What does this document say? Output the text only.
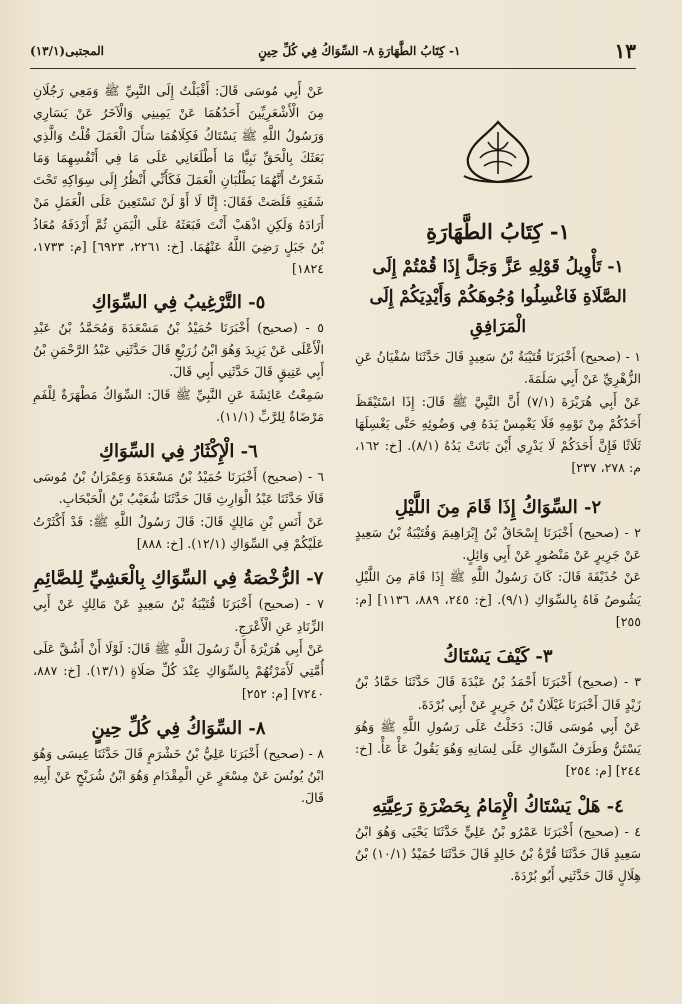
١٣
١- كِتَابُ الطَّهَارَةِ ٨- السِّوَاكُ فِي كُلِّ حِينٍ
المجتبى(١٣/١)

١- كِتَابُ الطَّهَارَةِ

١- تَأْوِيلُ قَوْلِهِ عَزَّ وَجَلَّ إِذَا قُمْتُمْ إِلَى الصَّلَاةِ فَاغْسِلُوا وُجُوهَكُمْ وَأَيْدِيَكُمْ إِلَى الْمَرَافِقِ

١ - (صحيح) أَخْبَرَنَا قُتَيْبَةُ بْنُ سَعِيدٍ قَالَ حَدَّثَنَا سُفْيَانُ عَنِ الزُّهْرِيِّ عَنْ أَبِي سَلَمَةَ.

عَنْ أَبِي هُرَيْرَةَ (٧/١) أَنَّ النَّبِيَّ ﷺ قَالَ: إِذَا اسْتَيْقَظَ أَحَدُكُمْ مِنْ نَوْمِهِ فَلَا يَغْمِسْ يَدَهُ فِي وَضُوئِهِ حَتَّى يَغْسِلَهَا ثَلَاثًا فَإِنَّ أَحَدَكُمْ لَا يَدْرِي أَيْنَ بَاتَتْ يَدُهُ (٨/١). [خ: ١٦٢، م: ٢٧٨، ٢٣٧]

٢- السِّوَاكُ إِذَا قَامَ مِنَ اللَّيْلِ

٢ - (صحيح) أَخْبَرَنَا إِسْحَاقُ بْنُ إِبْرَاهِيمَ وَقُتَيْبَةُ بْنُ سَعِيدٍ عَنْ جَرِيرٍ عَنْ مَنْصُورٍ عَنْ أَبِي وَائِلٍ.

عَنْ حُذَيْفَةَ قَالَ: كَانَ رَسُولُ اللَّهِ ﷺ إِذَا قَامَ مِنَ اللَّيْلِ يَشُوصُ فَاهُ بِالسِّوَاكِ (٩/١). [خ: ٢٤٥، ٨٨٩، ١١٣٦] [م: ٢٥٥]

٣- كَيْفَ يَسْتَاكُ

٣ - (صحيح) أَخْبَرَنَا أَحْمَدُ بْنُ عَبْدَةَ قَالَ حَدَّثَنَا حَمَّادُ بْنُ زَيْدٍ قَالَ أَخْبَرَنَا غَيْلَانُ بْنُ جَرِيرٍ عَنْ أَبِي بُرْدَةَ.

عَنْ أَبِي مُوسَى قَالَ: دَخَلْتُ عَلَى رَسُولِ اللَّهِ ﷺ وَهُوَ يَسْتَنُّ وَطَرَفُ السِّوَاكِ عَلَى لِسَانِهِ وَهُوَ يَقُولُ عَأْ عَأْ. [خ: ٢٤٤] [م: ٢٥٤]

٤- هَلْ يَسْتَاكُ الْإِمَامُ بِحَضْرَةِ رَعِيَّتِهِ

٤ - (صحيح) أَخْبَرَنَا عَمْرُو بْنُ عَلِيٍّ حَدَّثَنَا يَحْيَى وَهُوَ ابْنُ سَعِيدٍ قَالَ حَدَّثَنَا قُرَّةُ بْنُ خَالِدٍ قَالَ حَدَّثَنَا حُمَيْدُ (١٠/١) بْنُ هِلَالٍ قَالَ حَدَّثَنِي أَبُو بُرْدَةَ.

عَنْ أَبِي مُوسَى قَالَ: أَقْبَلْتُ إِلَى النَّبِيِّ ﷺ وَمَعِي رَجُلَانِ مِنَ الْأَشْعَرِيِّينَ أَحَدُهُمَا عَنْ يَمِينِي وَالْآخَرُ عَنْ يَسَارِي وَرَسُولُ اللَّهِ ﷺ يَسْتَاكُ فَكِلَاهُمَا سَأَلَ الْعَمَلَ قُلْتُ وَالَّذِي بَعَثَكَ بِالْحَقِّ نَبِيًّا مَا أَطْلَعَانِي عَلَى مَا فِي أَنْفُسِهِمَا وَمَا شَعَرْتُ أَنَّهُمَا يَطْلُبَانِ الْعَمَلَ فَكَأَنِّي أَنْظُرُ إِلَى سِوَاكِهِ تَحْتَ شَفَتِهِ قَلَصَتْ فَقَالَ: إِنَّا لَا أَوْ لَنْ نَسْتَعِينَ عَلَى الْعَمَلِ مَنْ أَرَادَهُ وَلَكِنِ اذْهَبْ أَنْتَ فَبَعَثَهُ عَلَى الْيَمَنِ ثُمَّ أَرْدَفَهُ مُعَاذُ بْنُ جَبَلٍ رَضِيَ اللَّهُ عَنْهُمَا. [خ: ٢٢٦١، ٦٩٢٣] [م: ١٧٣٣، ١٨٢٤]

٥- التَّرْغِيبُ فِي السِّوَاكِ

٥ - (صحيح) أَخْبَرَنَا حُمَيْدُ بْنُ مَسْعَدَةَ وَمُحَمَّدُ بْنُ عَبْدِ الْأَعْلَى عَنْ يَزِيدَ وَهُوَ ابْنُ زُرَيْعٍ قَالَ حَدَّثَنِي عَبْدُ الرَّحْمَنِ بْنُ أَبِي عَتِيقٍ قَالَ حَدَّثَنِي أَبِي قَالَ.

سَمِعْتُ عَائِشَةَ عَنِ النَّبِيِّ ﷺ قَالَ: السِّوَاكُ مَطْهَرَةٌ لِلْفَمِ مَرْضَاةٌ لِلرَّبِّ (١١/١).

٦- الْإِكْثَارُ فِي السِّوَاكِ

٦ - (صحيح) أَخْبَرَنَا حُمَيْدُ بْنُ مَسْعَدَةَ وَعِمْرَانُ بْنُ مُوسَى قَالَا حَدَّثَنَا عَبْدُ الْوَارِثِ قَالَ حَدَّثَنَا شُعَيْبُ بْنُ الْحَبْحَابِ.

عَنْ أَنَسِ بْنِ مَالِكٍ قَالَ: قَالَ رَسُولُ اللَّهِ ﷺ: قَدْ أَكْثَرْتُ عَلَيْكُمْ فِي السِّوَاكِ (١٢/١). [خ: ٨٨٨]

٧- الرُّخْصَةُ فِي السِّوَاكِ بِالْعَشِيِّ لِلصَّائِمِ

٧ - (صحيح) أَخْبَرَنَا قُتَيْبَةُ بْنُ سَعِيدٍ عَنْ مَالِكٍ عَنْ أَبِي الزِّنَادِ عَنِ الْأَعْرَجِ.

عَنْ أَبِي هُرَيْرَةَ أَنَّ رَسُولَ اللَّهِ ﷺ قَالَ: لَوْلَا أَنْ أَشُقَّ عَلَى أُمَّتِي لَأَمَرْتُهُمْ بِالسِّوَاكِ عِنْدَ كُلِّ صَلَاةٍ (١٣/١). [خ: ٨٨٧، ٧٢٤٠] [م: ٢٥٢]

٨- السِّوَاكُ فِي كُلِّ حِينٍ

٨ - (صحيح) أَخْبَرَنَا عَلِيُّ بْنُ خَشْرَمٍ قَالَ حَدَّثَنَا عِيسَى وَهُوَ ابْنُ يُونُسَ عَنْ مِسْعَرٍ عَنِ الْمِقْدَامِ وَهُوَ ابْنُ شُرَيْحٍ عَنْ أَبِيهِ قَالَ.
